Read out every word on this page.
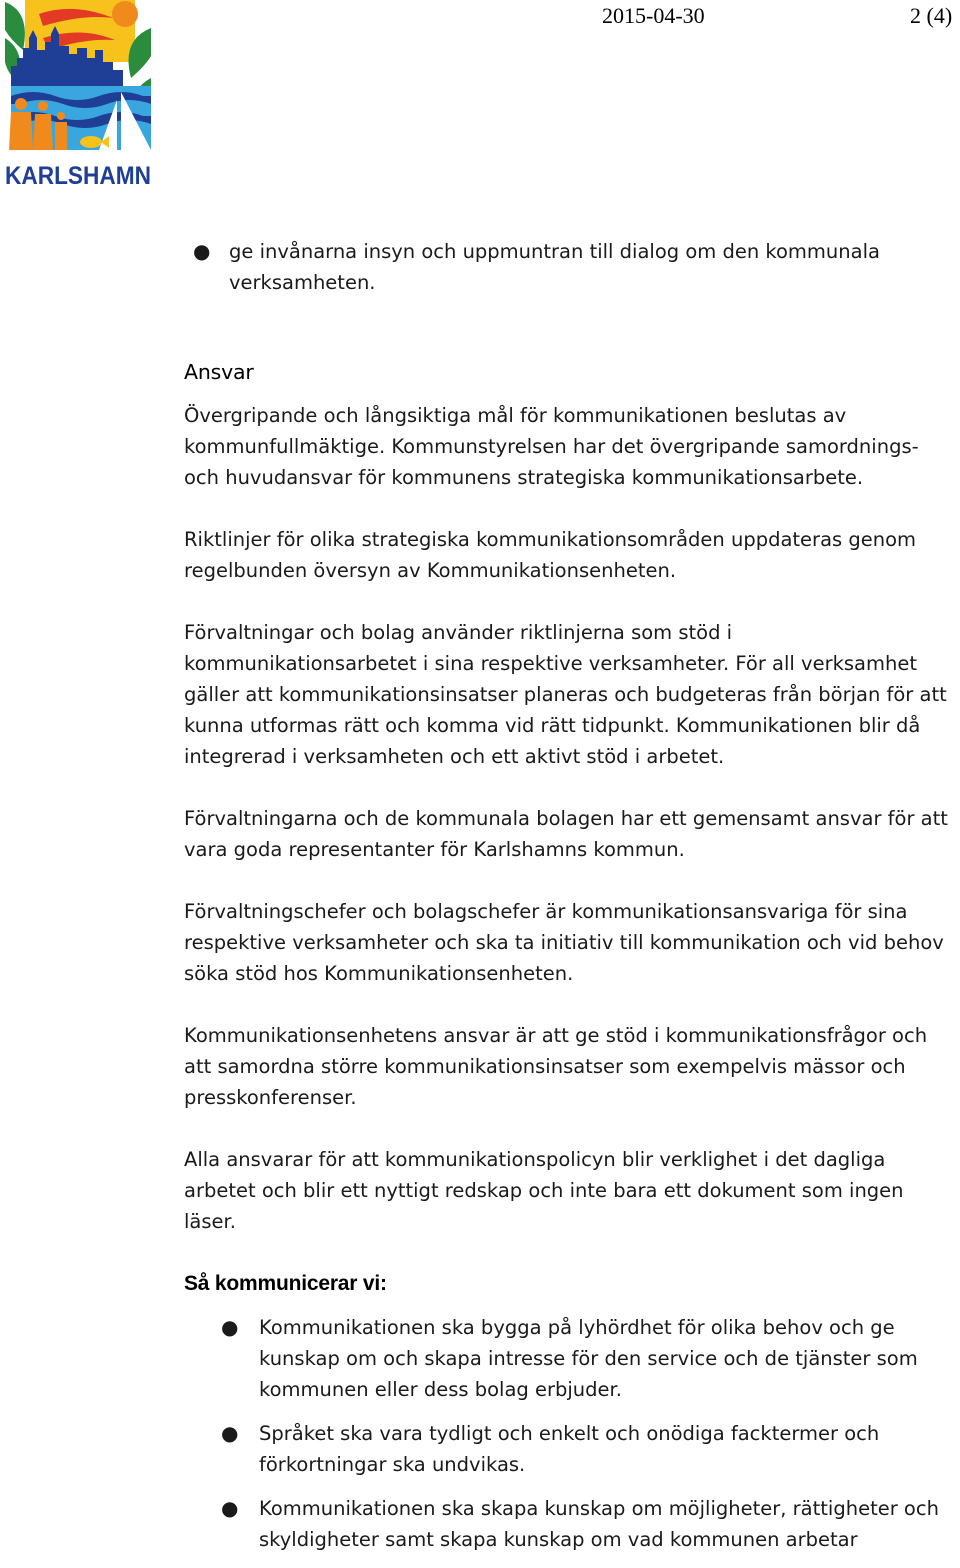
KARLSHAMN
2015-04-30	2 (4)
● ge invånarna insyn och uppmuntran till dialog om den kommunala verksamheten.
Ansvar

Övergripande och långsiktiga mål för kommunikationen beslutas av kommunfullmäktige. Kommunstyrelsen har det övergripande samordnings- och huvudansvar för kommunens strategiska kommunikationsarbete.

Riktlinjer för olika strategiska kommunikationsområden uppdateras genom regelbunden översyn av Kommunikationsenheten.

Förvaltningar och bolag använder riktlinjerna som stöd i kommunikationsarbetet i sina respektive verksamheter. För all verksamhet gäller att kommunikationsinsatser planeras och budgeteras från början för att kunna utformas rätt och komma vid rätt tidpunkt. Kommunikationen blir då integrerad i verksamheten och ett aktivt stöd i arbetet.

Förvaltningarna och de kommunala bolagen har ett gemensamt ansvar för att vara goda representanter för Karlshamns kommun.

Förvaltningschefer och bolagschefer är kommunikationsansvariga för sina respektive verksamheter och ska ta initiativ till kommunikation och vid behov söka stöd hos Kommunikationsenheten.

Kommunikationsenhetens ansvar är att ge stöd i kommunikationsfrågor och att samordna större kommunikationsinsatser som exempelvis mässor och presskonferenser.

Alla ansvarar för att kommunikationspolicyn blir verklighet i det dagliga arbetet och blir ett nyttigt redskap och inte bara ett dokument som ingen läser.

Så kommunicerar vi:
● Kommunikationen ska bygga på lyhördhet för olika behov och ge kunskap om och skapa intresse för den service och de tjänster som kommunen eller dess bolag erbjuder.
● Språket ska vara tydligt och enkelt och onödiga facktermer och förkortningar ska undvikas.
● Kommunikationen ska skapa kunskap om möjligheter, rättigheter och skyldigheter samt skapa kunskap om vad kommunen arbetar
